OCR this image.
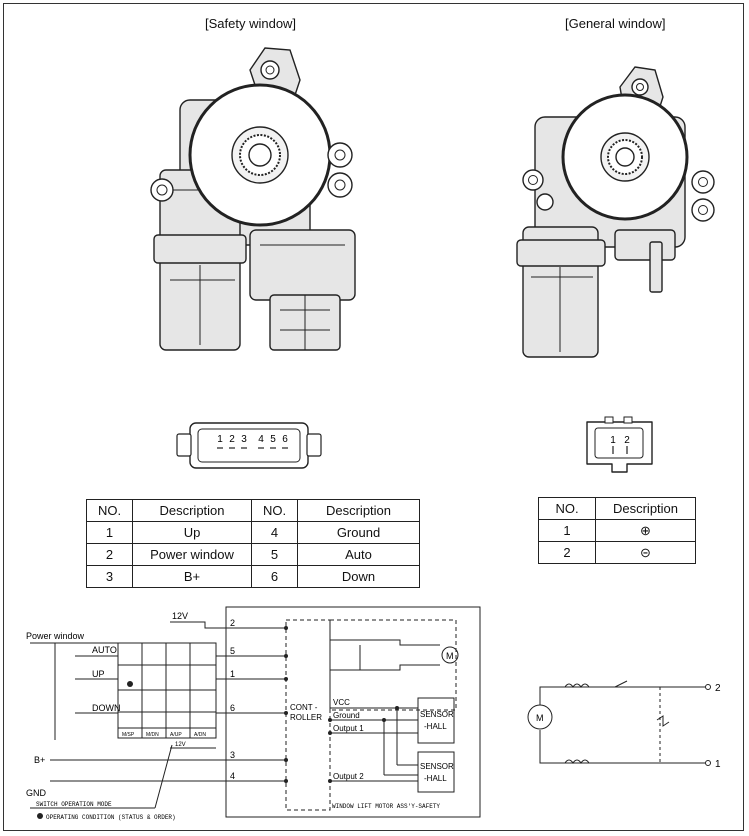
[Safety window]	[General window]
1 2 3 4 5 6	1 2
NO.	Description	NO.	Description
1	Up	4	Ground
2	Power window	5	Auto
3	B+	6	Down
NO.	Description
1	⊕
2	⊝
12V
Power window
AUTO
UP
DOWN
B+
GND
M/SP M/DN A/UP A/DN
12V
2
5
1
6
3
4
CONT -
ROLLER
VCC
Ground
Output 1
Output 2
SENSOR
-HALL
SENSOR
-HALL
M
WINDOW LIFT MOTOR ASS'Y-SAFETY
SWITCH OPERATION MODE
OPERATING CONDITION (STATUS & ORDER)
M
2
1
